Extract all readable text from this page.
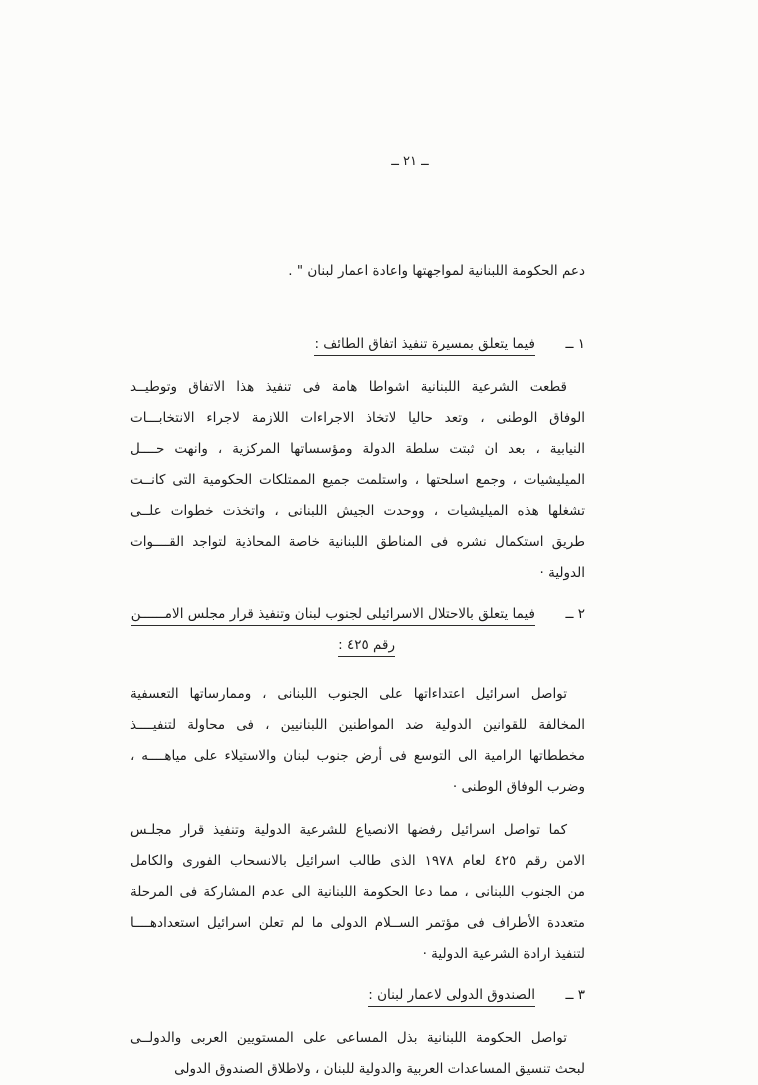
ــ ٢١ ــ
دعم الحكومة اللبنانية لمواجهتها واعادة اعمار لبنان " .
١ ــ
فيما يتعلق بمسيرة تنفيذ اتفاق الطائف :
قطعت الشرعية اللبنانية اشواطا هامة فى تنفيذ هذا الاتفاق وتوطيــد
الوفاق الوطنى ، وتعد حاليا لاتخاذ الاجراءات اللازمة لاجراء الانتخابـــات
النيابية ، بعد ان ثبتت سلطة الدولة ومؤسساتها المركزية ، وانهت حــــل
الميليشيات ، وجمع اسلحتها ، واستلمت جميع الممتلكات الحكومية التى كانــت
تشغلها هذه الميليشيات ، ووحدت الجيش اللبنانى ، واتخذت خطوات علــى
طريق استكمال نشره فى المناطق اللبنانية خاصة المحاذية لتواجد القــــوات
الدولية ·
٢ ــ
فيما يتعلق بالاحتلال الاسرائيلى لجنوب لبنان وتنفيذ قرار مجلس الامــــــن
رقم ٤٢٥ :
تواصل اسرائيل اعتداءاتها على الجنوب اللبنانى ، وممارساتها التعسفية
المخالفة للقوانين الدولية ضد المواطنين اللبنانيين ، فى محاولة لتنفيــــذ
مخططاتها الرامية الى التوسع فى أرض جنوب لبنان والاستيلاء على مياهــــه ،
وضرب الوفاق الوطنى ·
كما تواصل اسرائيل رفضها الانصياع للشرعية الدولية وتنفيذ قرار مجلـس
الامن رقم ٤٢٥ لعام ١٩٧٨ الذى طالب اسرائيل بالانسحاب الفورى والكامل
من الجنوب اللبنانى ، مما دعا الحكومة اللبنانية الى عدم المشاركة فى المرحلة
متعددة الأطراف فى مؤتمر الســلام الدولى ما لم تعلن اسرائيل استعدادهــــا
لتنفيذ ارادة الشرعية الدولية ·
٣ ــ
الصندوق الدولى لاعمار لبنان :
تواصل الحكومة اللبنانية بذل المساعى على المستويين العربى والدولــى
لبحث تنسيق المساعدات العربية والدولية للبنان ، ولاطلاق الصندوق الدولى
